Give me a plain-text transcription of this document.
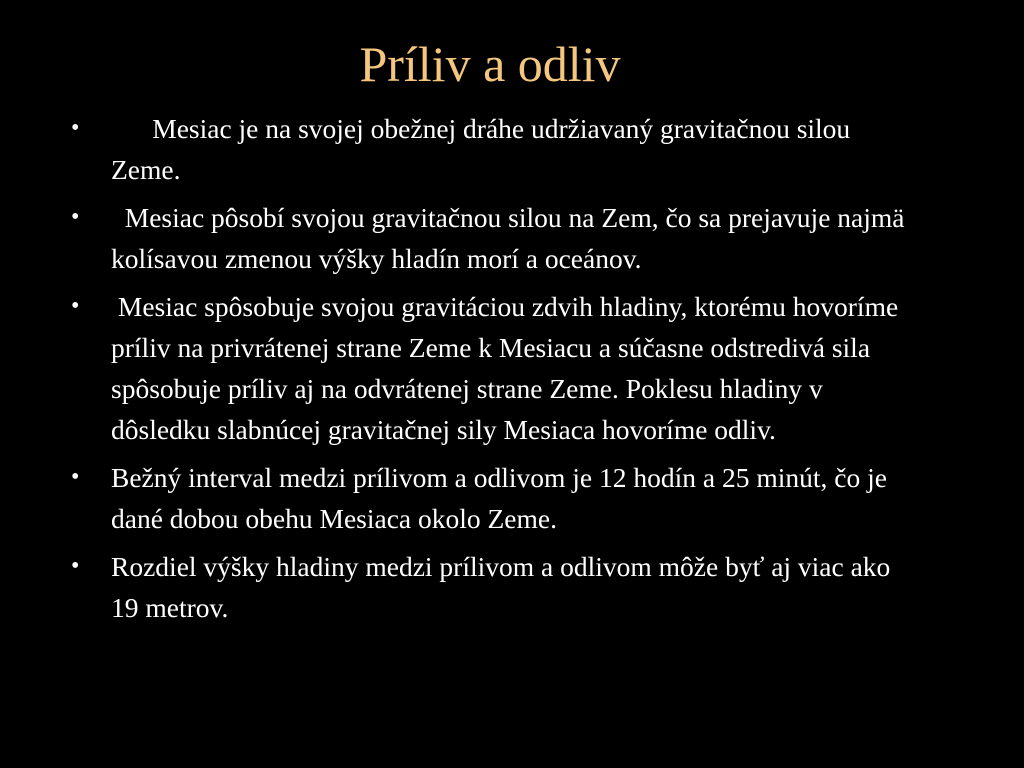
Príliv a odliv
•	Mesiac je na svojej obežnej dráhe udržiavaný gravitačnou silou Zeme.
•	Mesiac pôsobí svojou gravitačnou silou na Zem, čo sa prejavuje najmä kolísavou zmenou výšky hladín morí a oceánov.
•	Mesiac spôsobuje svojou gravitáciou zdvih hladiny, ktorému hovoríme príliv na privrátenej strane Zeme k Mesiacu a súčasne odstredivá sila spôsobuje príliv aj na odvrátenej strane Zeme. Poklesu hladiny v dôsledku slabnúcej gravitačnej sily Mesiaca hovoríme odliv.
•	Bežný interval medzi prílivom a odlivom je 12 hodín a 25 minút, čo je dané dobou obehu Mesiaca okolo Zeme.
•	Rozdiel výšky hladiny medzi prílivom a odlivom môže byť aj viac ako 19 metrov.
